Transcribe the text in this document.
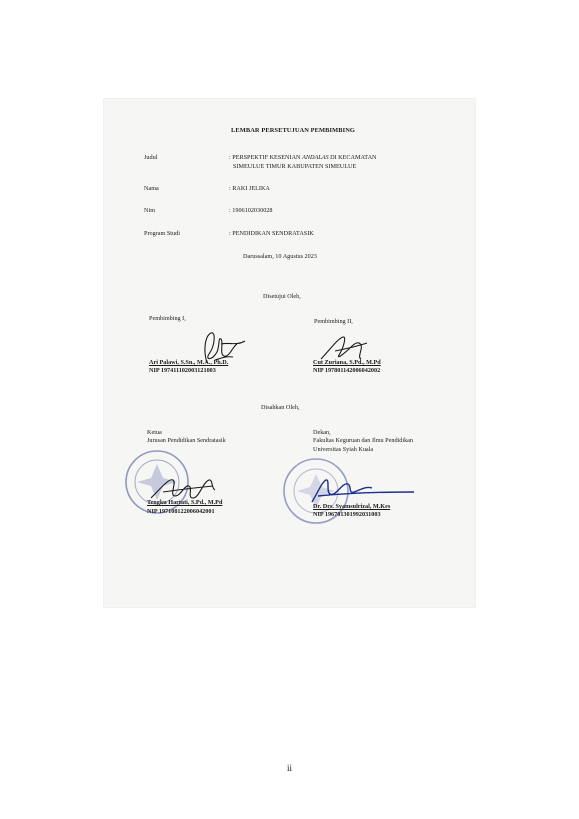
LEMBAR PERSETUJUAN PEMBIMBING
Judul	: PERSPEKTIF KESENIAN ANDALAS DI KECAMATAN
SIMEULUE TIMUR KABUPATEN SIMEULUE
Nama	: RAKI JELIKA
Nim	: 1906102030028
Program Studi	: PENDIDIKAN SENDRATASIK
Darussalam, 10 Agustus 2023
Disetujui Oleh,
Pembimbing I,	Pembimbing II,
Ari Palawi, S.Sn., M.A., Ph.D.
NIP 197411102003121003
Cut Zuriana, S.Pd., M.Pd
NIP 197801142006042002
Disahkan Oleh,
Ketua
Jurusan Pendidikan Sendratasik
Dekan,
Fakultas Keguruan dan Ilmu Pendidikan
Universitas Syiah Kuala
Tengku Hartati, S.Pd., M.Pd
NIP 197108122006042001
Dr. Drs. Syamsulrizal, M.Kes
NIP 196701301992031003
ii
